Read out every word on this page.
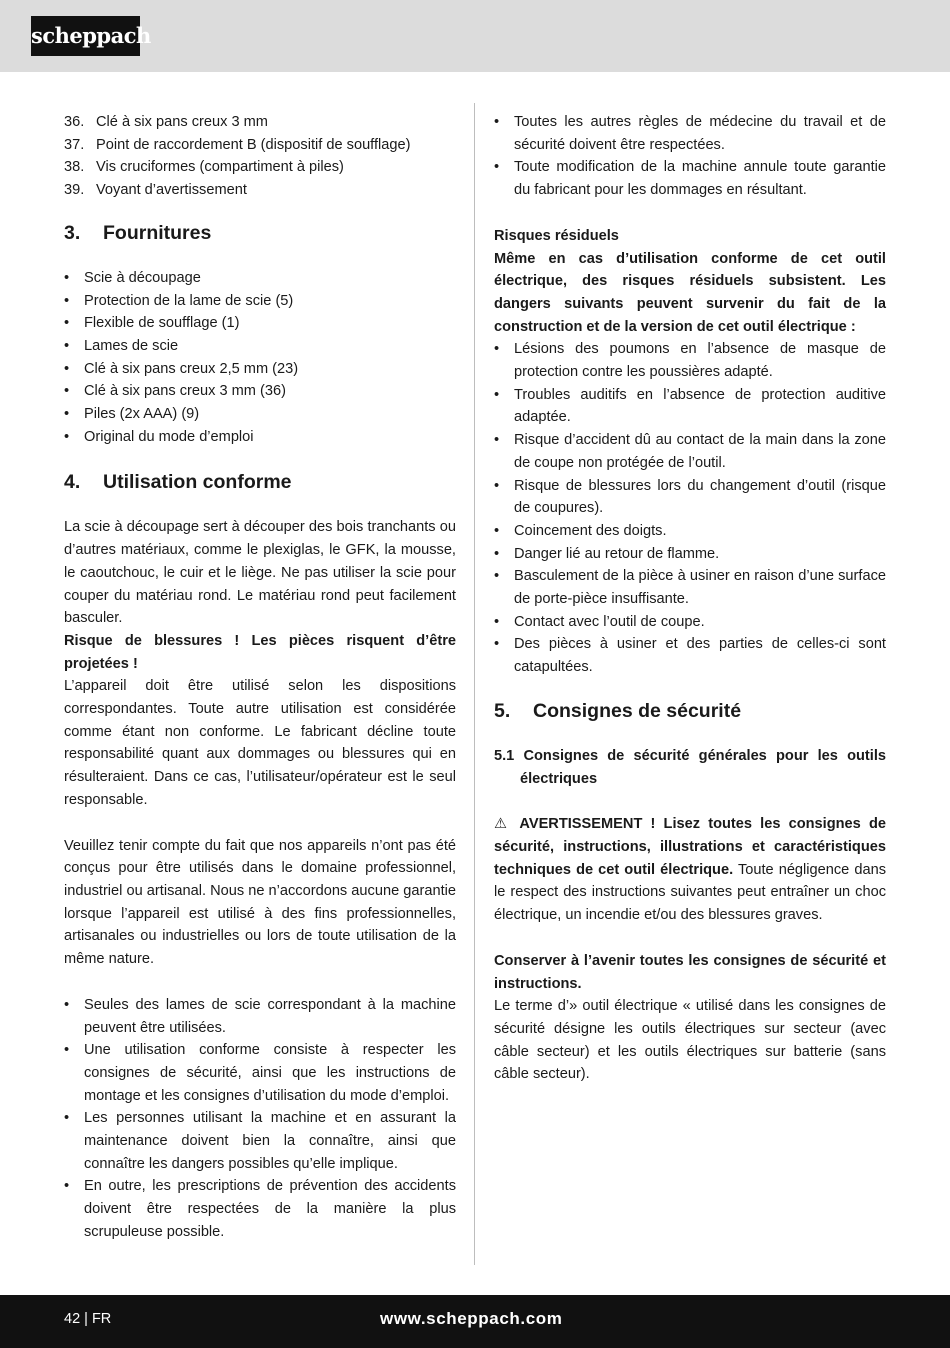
scheppach
36. Clé à six pans creux 3 mm
37. Point de raccordement B (dispositif de soufflage)
38. Vis cruciformes (compartiment à piles)
39. Voyant d’avertissement
3. Fournitures
• Scie à découpage
• Protection de la lame de scie (5)
• Flexible de soufflage (1)
• Lames de scie
• Clé à six pans creux 2,5 mm (23)
• Clé à six pans creux 3 mm (36)
• Piles (2x AAA) (9)
• Original du mode d’emploi
4. Utilisation conforme

La scie à découpage sert à découper des bois tranchants ou d’autres matériaux, comme le plexiglas, le GFK, la mousse, le caoutchouc, le cuir et le liège. Ne pas utiliser la scie pour couper du matériau rond. Le matériau rond peut facilement basculer.

Risque de blessures ! Les pièces risquent d’être projetées !

L’appareil doit être utilisé selon les dispositions correspondantes. Toute autre utilisation est considérée comme étant non conforme. Le fabricant décline toute responsabilité quant aux dommages ou blessures qui en résulteraient. Dans ce cas, l’utilisateur/opérateur est le seul responsable.

Veuillez tenir compte du fait que nos appareils n’ont pas été conçus pour être utilisés dans le domaine professionnel, industriel ou artisanal. Nous ne n’accordons aucune garantie lorsque l’appareil est utilisé à des fins professionnelles, artisanales ou industrielles ou lors de toute utilisation de la même nature.

• Seules des lames de scie correspondant à la machine peuvent être utilisées.
• Une utilisation conforme consiste à respecter les consignes de sécurité, ainsi que les instructions de montage et les consignes d’utilisation du mode d’emploi.
• Les personnes utilisant la machine et en assurant la maintenance doivent bien la connaître, ainsi que connaître les dangers possibles qu’elle implique.
• En outre, les prescriptions de prévention des accidents doivent être respectées de la manière la plus scrupuleuse possible.
• Toutes les autres règles de médecine du travail et de sécurité doivent être respectées.
• Toute modification de la machine annule toute garantie du fabricant pour les dommages en résultant.
Risques résiduels

Même en cas d’utilisation conforme de cet outil électrique, des risques résiduels subsistent. Les dangers suivants peuvent survenir du fait de la construction et de la version de cet outil électrique :

• Lésions des poumons en l’absence de masque de protection contre les poussières adapté.
• Troubles auditifs en l’absence de protection auditive adaptée.
• Risque d’accident dû au contact de la main dans la zone de coupe non protégée de l’outil.
• Risque de blessures lors du changement d’outil (risque de coupures).
• Coincement des doigts.
• Danger lié au retour de flamme.
• Basculement de la pièce à usiner en raison d’une surface de porte-pièce insuffisante.
• Contact avec l’outil de coupe.
• Des pièces à usiner et des parties de celles-ci sont catapultées.
5. Consignes de sécurité
5.1 Consignes de sécurité générales pour les outils électriques

⚠ AVERTISSEMENT ! Lisez toutes les consignes de sécurité, instructions, illustrations et caractéristiques techniques de cet outil électrique. Toute négligence dans le respect des instructions suivantes peut entraîner un choc électrique, un incendie et/ou des blessures graves.

Conserver à l’avenir toutes les consignes de sécurité et instructions.

Le terme d’» outil électrique « utilisé dans les consignes de sécurité désigne les outils électriques sur secteur (avec câble secteur) et les outils électriques sur batterie (sans câble secteur).

42 | FR	www.scheppach.com
